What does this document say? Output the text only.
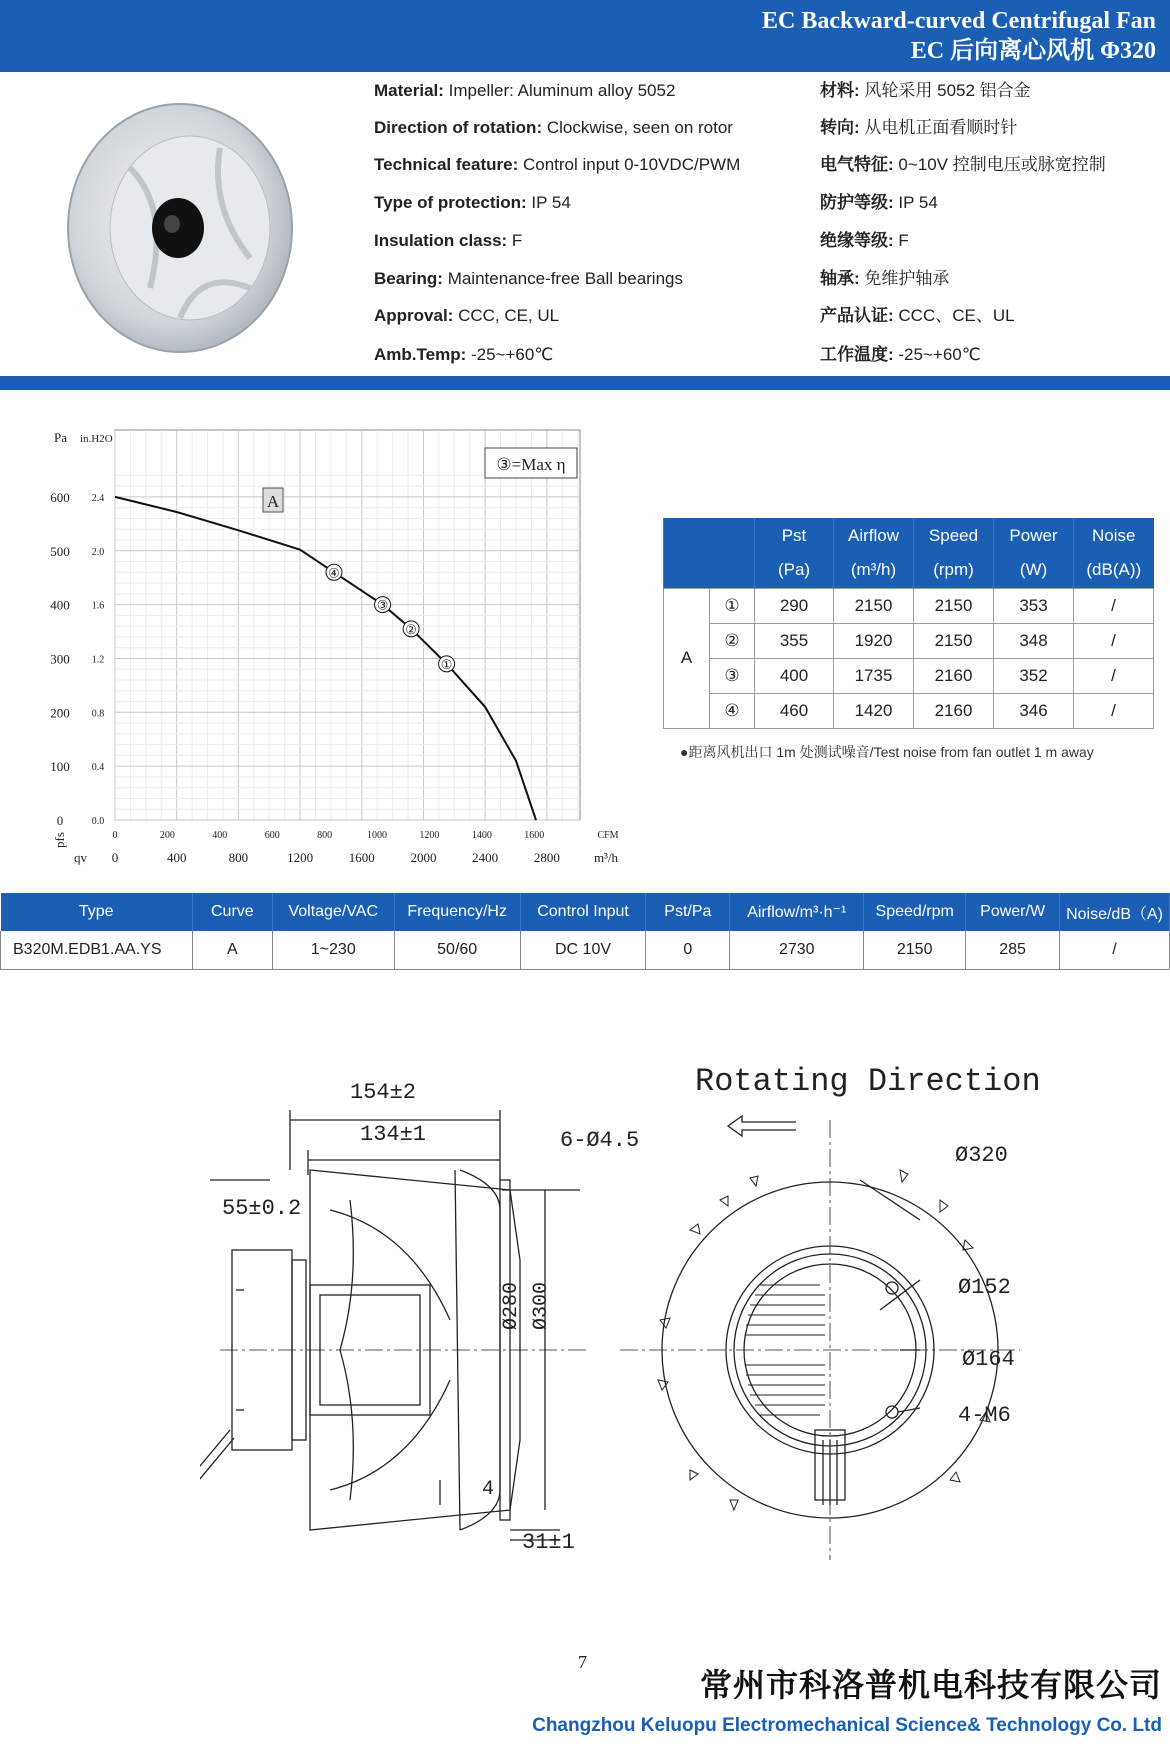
EC Backward-curved Centrifugal Fan
EC 后向离心风机 Φ320
Material: Impeller: Aluminum alloy 5052
Direction of rotation: Clockwise, seen on rotor
Technical feature: Control input 0-10VDC/PWM
Type of protection: IP 54
Insulation class: F
Bearing: Maintenance-free Ball bearings
Approval: CCC, CE, UL
Amb.Temp: -25~+60℃
材料: 风轮采用 5052 铝合金
转向: 从电机正面看顺时针
电气特征: 0~10V 控制电压或脉宽控制
防护等级: IP 54
绝缘等级: F
轴承: 免维护轴承
产品认证: CCC、CE、UL
工作温度: -25~+60℃
①
②
③
④
0	0.0
100 0.4
200 0.8
300 1.2
400 1.6
500 2.0
600 2.4
Pa in.H2O
0	200	400	600	800	1000	1200	1400	1600	CFM
0	400	800	1200	1600	2000	2400	2800	m³/h
qv
pfs
A
③=Max η
		Pst	Airflow	Speed	Power	Noise
		(Pa)	(m³/h)	(rpm)	(W)	(dB(A))
A	①	290	2150	2150	353	/
	②	355	1920	2150	348	/
	③	400	1735	2160	352	/
	④	460	1420	2160	346	/
●距离风机出口 1m 处测试噪音/Test noise from fan outlet 1 m away
Type	Curve	Voltage/VAC	Frequency/Hz	Control Input	Pst/Pa	Airflow/m³·h⁻¹	Speed/rpm	Power/W	Noise/dB（A)
B320M.EDB1.AA.YS	A	1~230	50/60	DC 10V	0	2730	2150	285	/
154±2
134±1
55±0.2
6-Ø4.5
Ø280 Ø300
4
31±1
Rotating Direction
Ø320
Ø152
Ø164
4-M6
7
常州市科洛普机电科技有限公司
Changzhou Keluopu Electromechanical Science& Technology Co. Ltd
